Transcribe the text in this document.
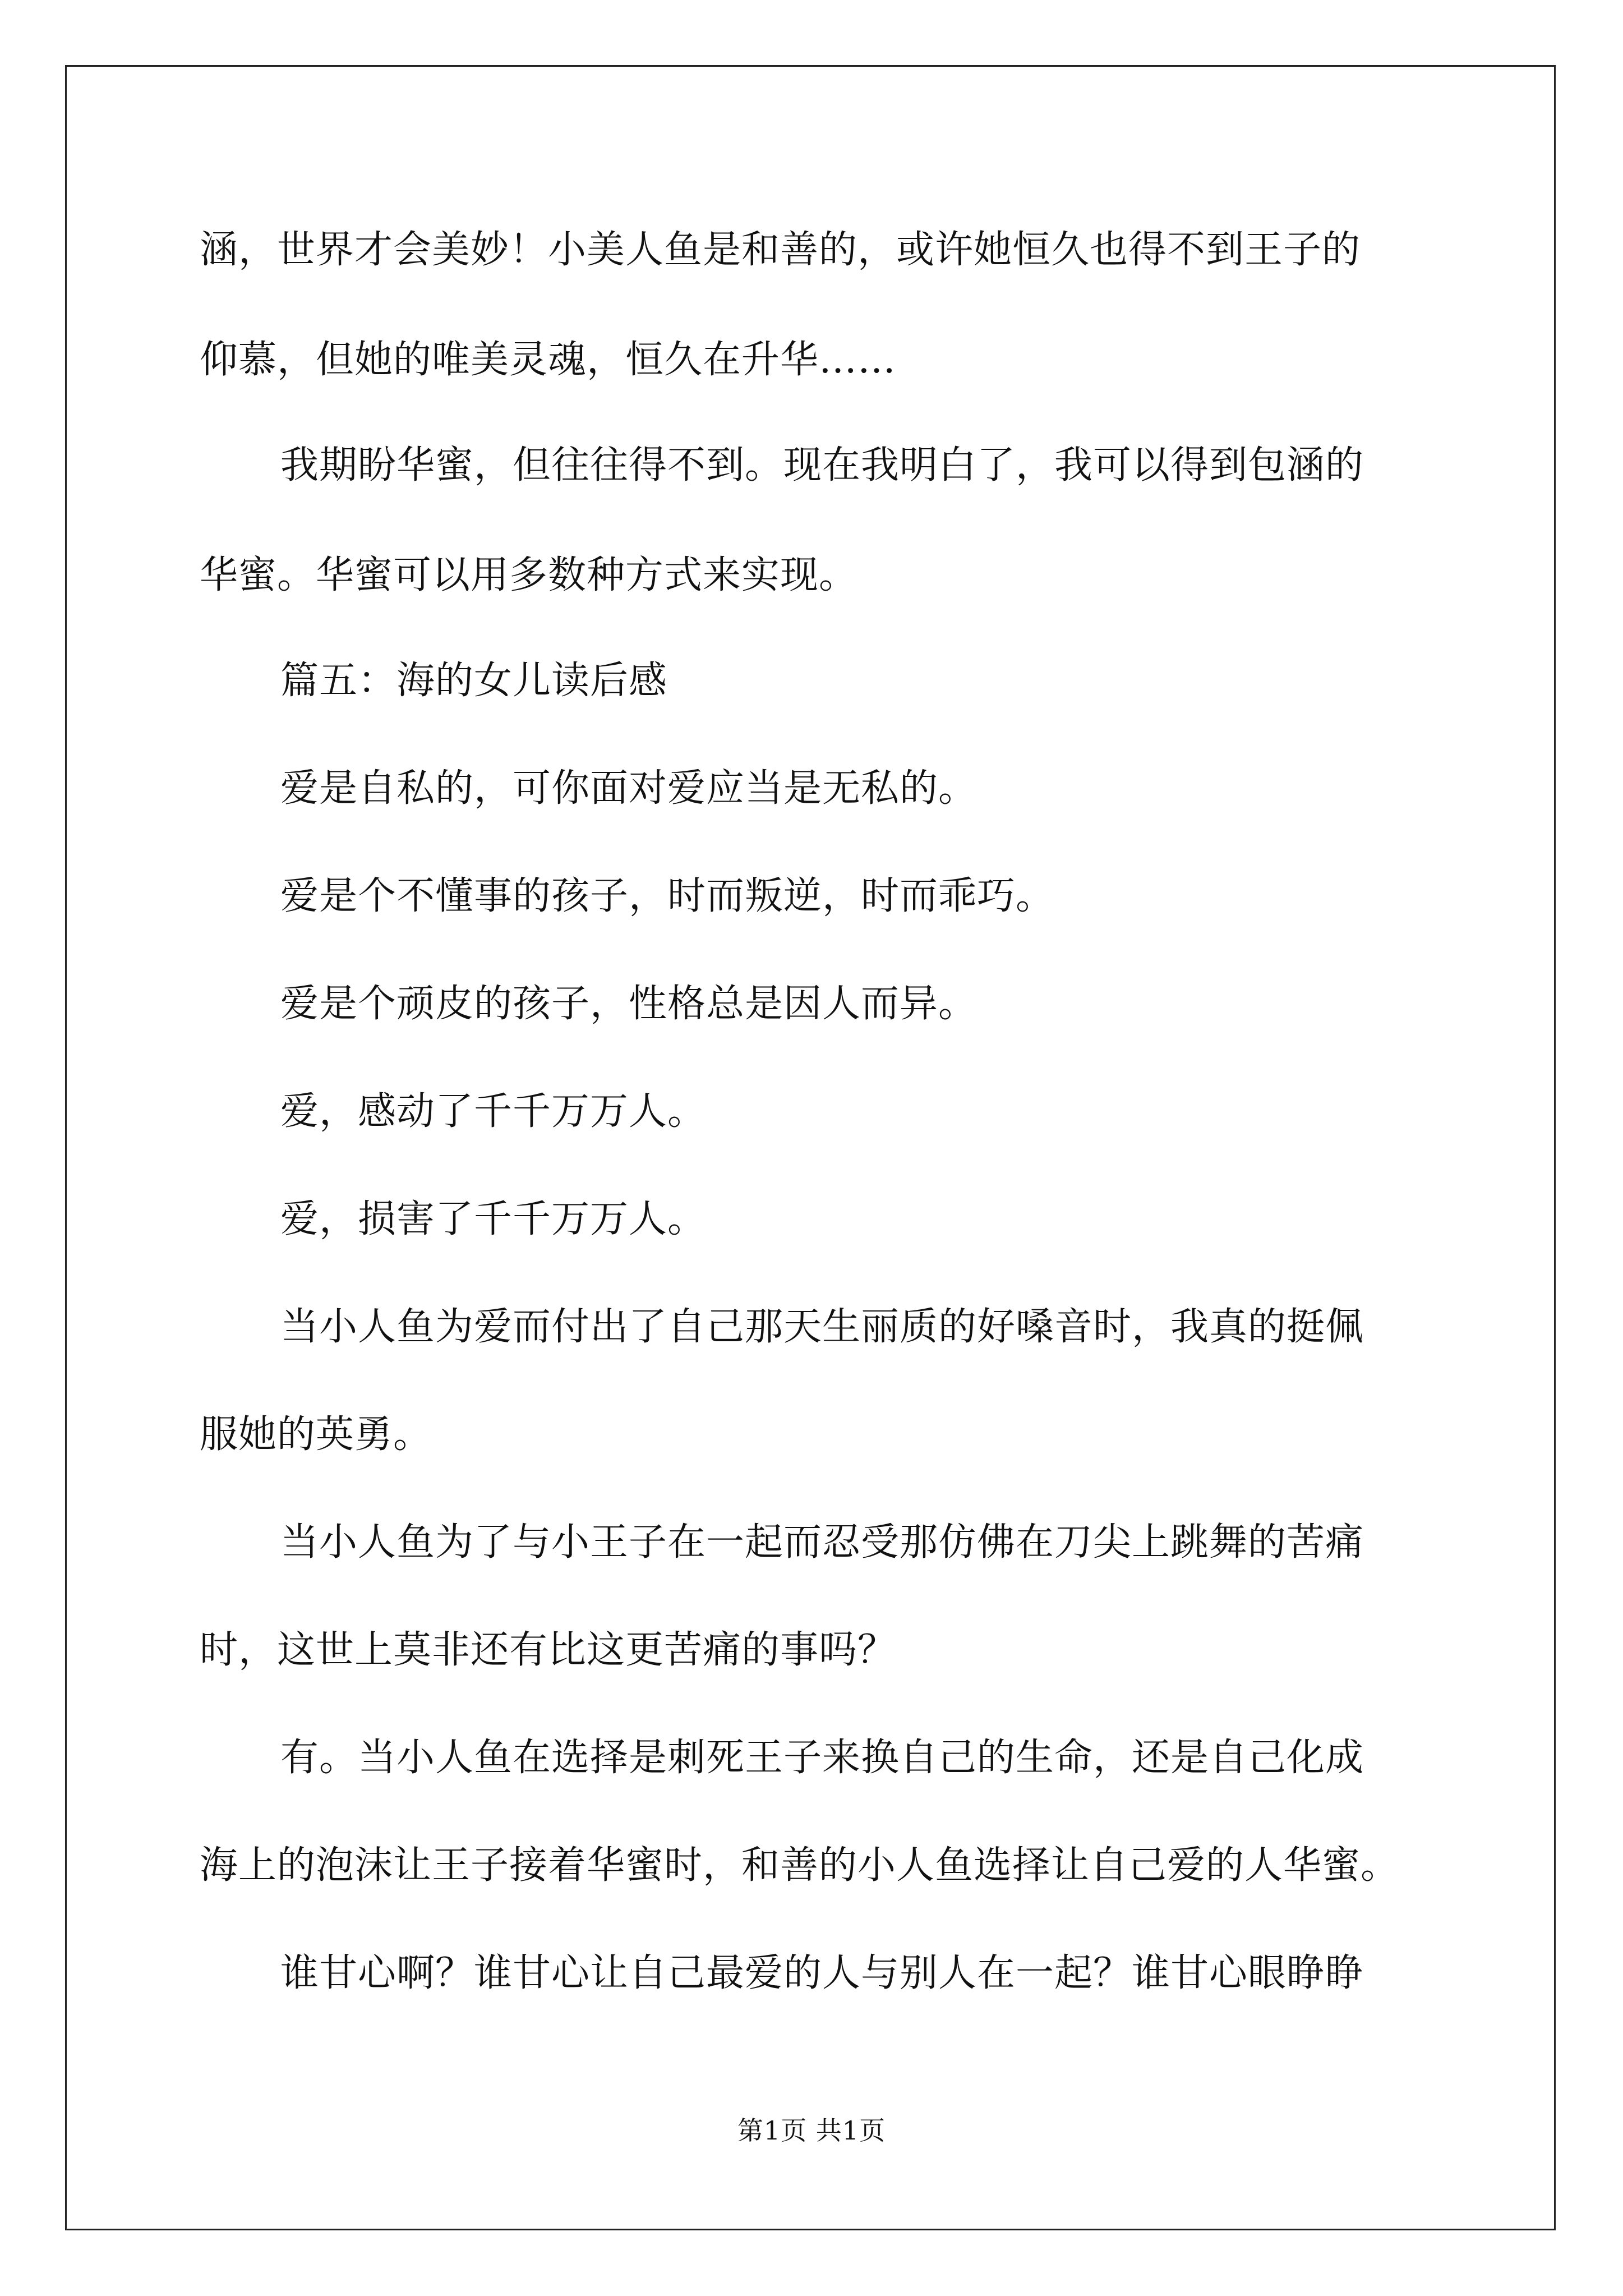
涵，世界才会美妙！小美人鱼是和善的，或许她恒久也得不到王子的
仰慕，但她的唯美灵魂，恒久在升华……
我期盼华蜜，但往往得不到。现在我明白了，我可以得到包涵的
华蜜。华蜜可以用多数种方式来实现。
篇五：海的女儿读后感
爱是自私的，可你面对爱应当是无私的。
爱是个不懂事的孩子，时而叛逆，时而乖巧。
爱是个顽皮的孩子，性格总是因人而异。
爱，感动了千千万万人。
爱，损害了千千万万人。
当小人鱼为爱而付出了自己那天生丽质的好嗓音时，我真的挺佩
服她的英勇。
当小人鱼为了与小王子在一起而忍受那仿佛在刀尖上跳舞的苦痛
时，这世上莫非还有比这更苦痛的事吗？
有。当小人鱼在选择是刺死王子来换自己的生命，还是自己化成
海上的泡沫让王子接着华蜜时，和善的小人鱼选择让自己爱的人华蜜。
谁甘心啊？谁甘心让自己最爱的人与别人在一起？谁甘心眼睁睁
第1页 共1页
